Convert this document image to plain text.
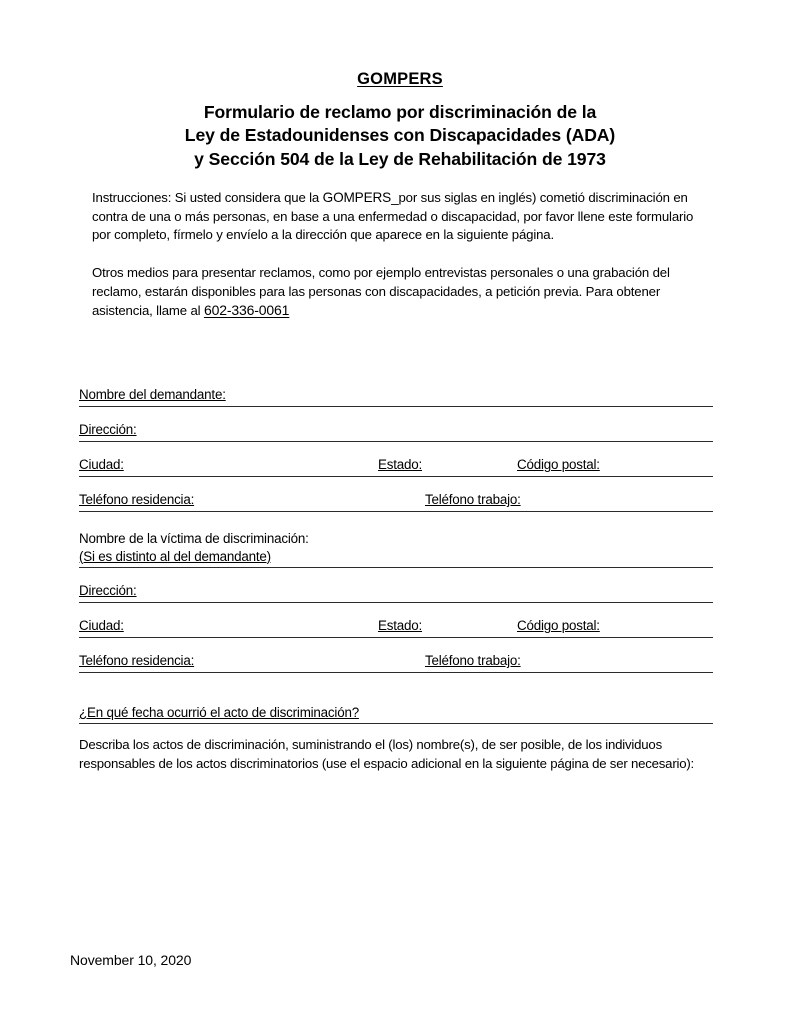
GOMPERS
Formulario de reclamo por discriminación de la
Ley de Estadounidenses con Discapacidades (ADA)
y Sección 504 de la Ley de Rehabilitación de 1973

Instrucciones: Si usted considera que la GOMPERS_por sus siglas en inglés) cometió discriminación en contra de una o más personas, en base a una enfermedad o discapacidad, por favor llene este formulario por completo, fírmelo y envíelo a la dirección que aparece en la siguiente página.

Otros medios para presentar reclamos, como por ejemplo entrevistas personales o una grabación del reclamo, estarán disponibles para las personas con discapacidades, a petición previa. Para obtener asistencia, llame al 602-336-0061

Nombre del demandante:
Dirección:
Ciudad:	Estado:	Código postal:
Teléfono residencia:	Teléfono trabajo:
Nombre de la víctima de discriminación:
(Si es distinto al del demandante)
Dirección:
Ciudad:	Estado:	Código postal:
Teléfono residencia:	Teléfono trabajo:
¿En qué fecha ocurrió el acto de discriminación?
Describa los actos de discriminación, suministrando el (los) nombre(s), de ser posible, de los individuos responsables de los actos discriminatorios (use el espacio adicional en la siguiente página de ser necesario):
November 10, 2020
